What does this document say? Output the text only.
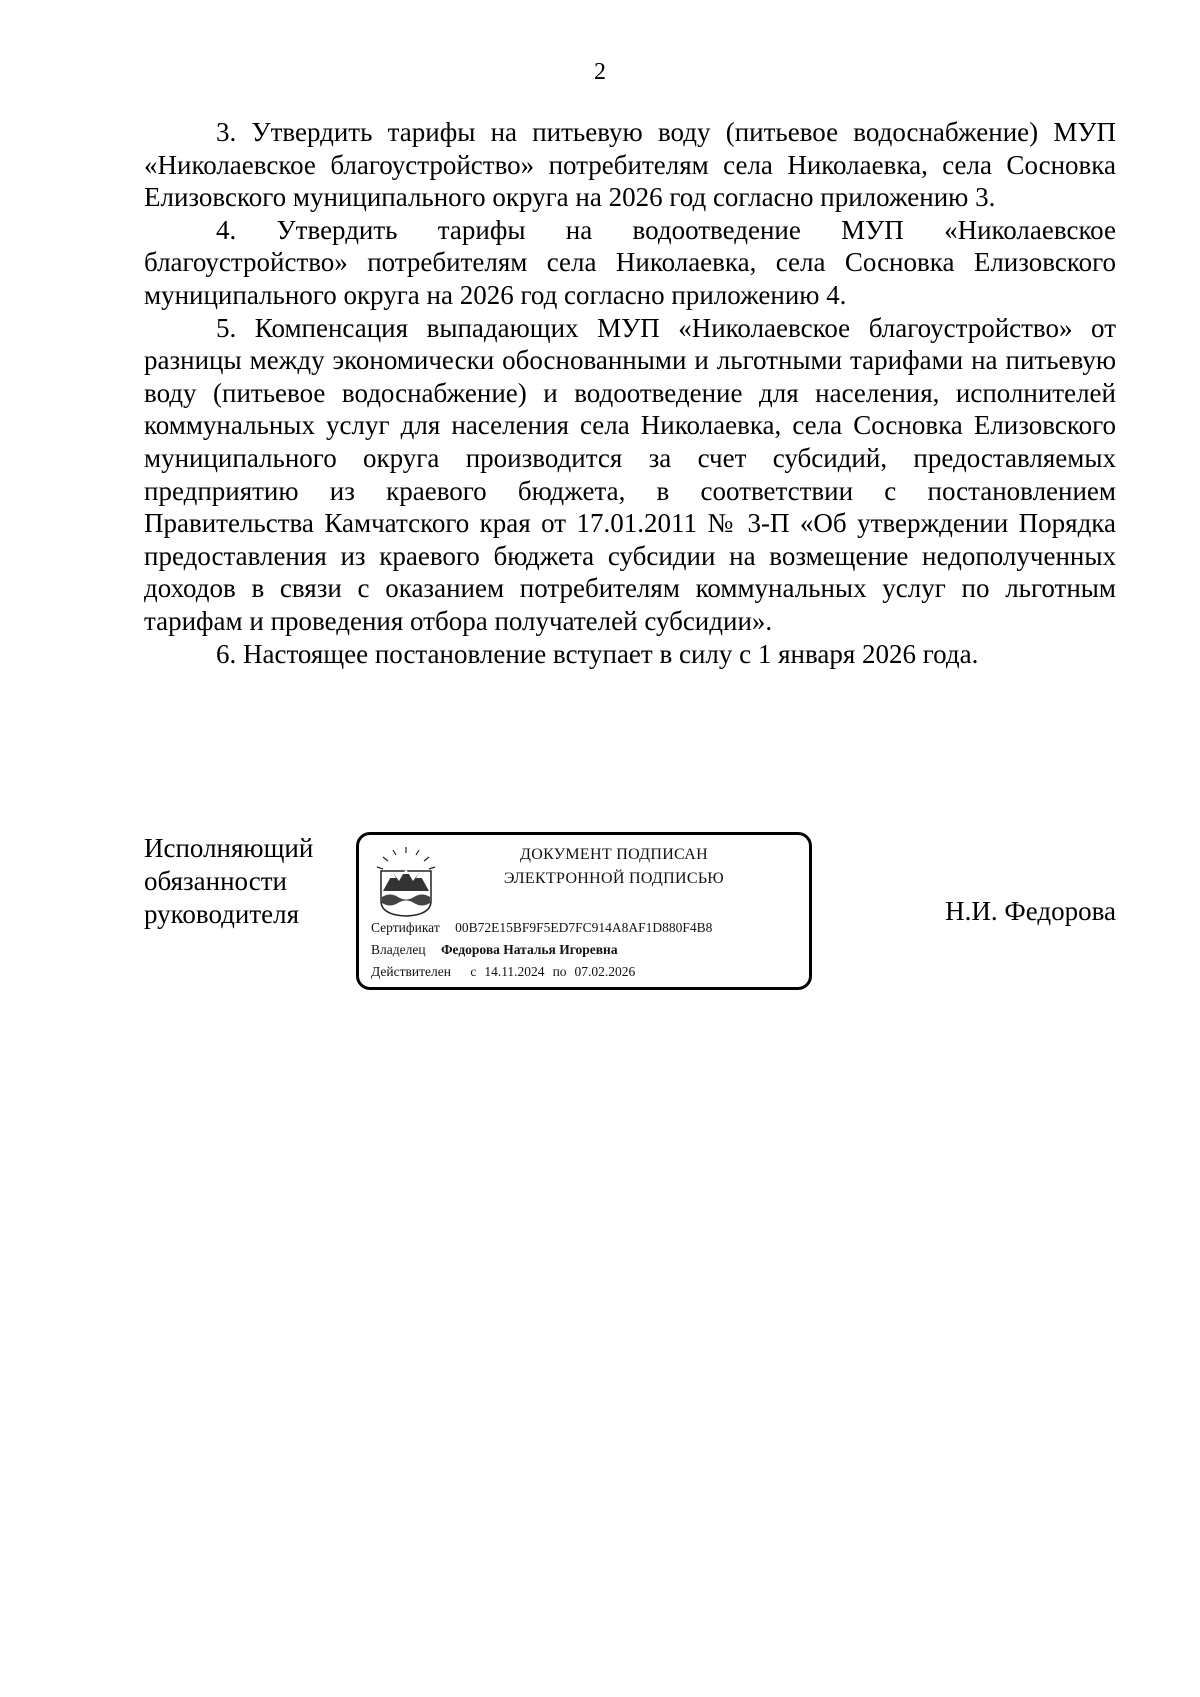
2

3. Утвердить тарифы на питьевую воду (питьевое водоснабжение) МУП «Николаевское благоустройство» потребителям села Николаевка, села Сосновка Елизовского муниципального округа на 2026 год согласно приложению 3.

4. Утвердить тарифы на водоотведение МУП «Николаевское благоустройство» потребителям села Николаевка, села Сосновка Елизовского муниципального округа на 2026 год согласно приложению 4.

5. Компенсация выпадающих МУП «Николаевское благоустройство» от разницы между экономически обоснованными и льготными тарифами на питьевую воду (питьевое водоснабжение) и водоотведение для населения, исполнителей коммунальных услуг для населения села Николаевка, села Сосновка Елизовского муниципального округа производится за счет субсидий, предоставляемых предприятию из краевого бюджета, в соответствии с постановлением Правительства Камчатского края от 17.01.2011 № 3-П «Об утверждении Порядка предоставления из краевого бюджета субсидии на возмещение недополученных доходов в связи с оказанием потребителям коммунальных услуг по льготным тарифам и проведения отбора получателей субсидии».

6. Настоящее постановление вступает в силу с 1 января 2026 года.

Исполняющий
обязанности
руководителя
ДОКУМЕНТ ПОДПИСАН
ЭЛЕКТРОННОЙ ПОДПИСЬЮ
Сертификат 00B72E15BF9F5ED7FC914A8AF1D880F4B8
Владелец Федорова Наталья Игоревна
Действителен с 14.11.2024 по 07.02.2026
Н.И. Федорова
